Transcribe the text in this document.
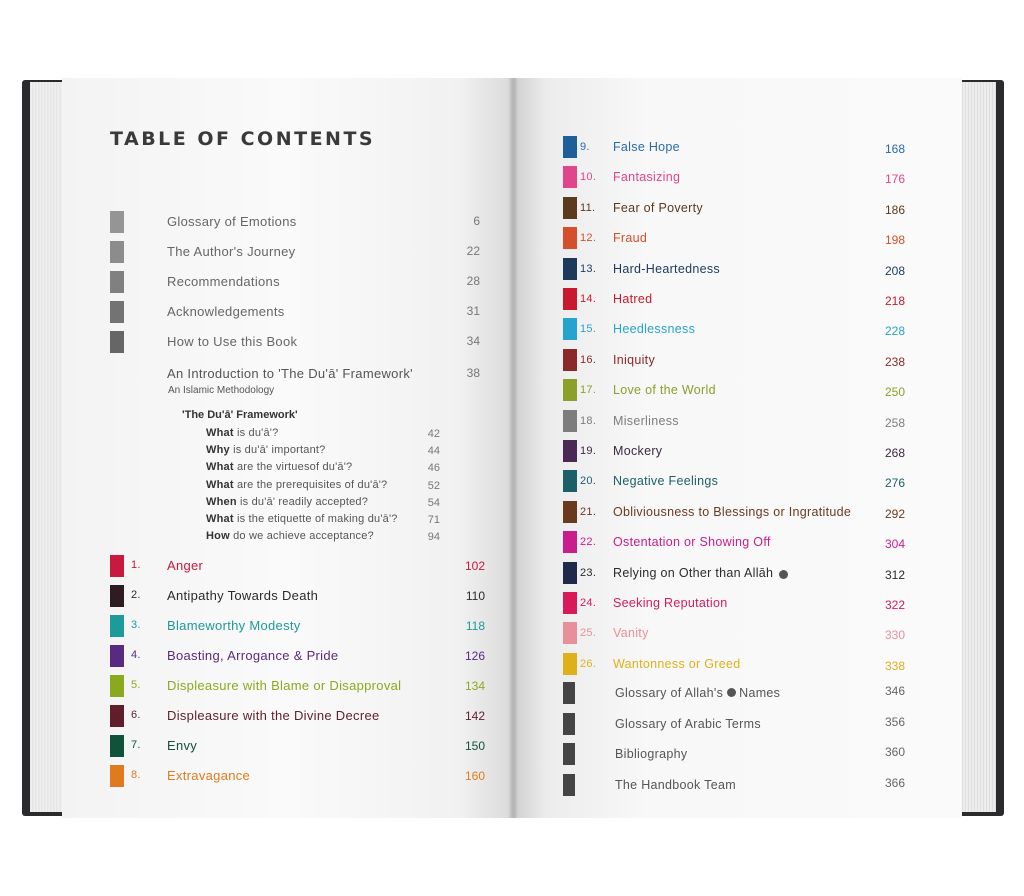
TABLE OF CONTENTS
Glossary of Emotions	6
The Author's Journey	22
Recommendations	28
Acknowledgements	31
How to Use this Book	34
An Introduction to 'The Du'ā' Framework'	38
An Islamic Methodology
'The Du'ā' Framework'
What is du'ā'?	42
Why is du'ā' important?	44
What are the virtuesof du'ā'?	46
What are the prerequisites of du'ā'?	52
When is du'ā' readily accepted?	54
What is the etiquette of making du'ā'?	71
How do we achieve acceptance?	94
1. Anger	102
2. Antipathy Towards Death	110
3. Blameworthy Modesty	118
4. Boasting, Arrogance & Pride	126
5. Displeasure with Blame or Disapproval	134
6. Displeasure with the Divine Decree	142
7. Envy	150
8. Extravagance	160
9. False Hope	168
10. Fantasizing	176
11. Fear of Poverty	186
12. Fraud	198
13. Hard-Heartedness	208
14. Hatred	218
15. Heedlessness	228
16. Iniquity	238
17. Love of the World	250
18. Miserliness	258
19. Mockery	268
20. Negative Feelings	276
21. Obliviousness to Blessings or Ingratitude	292
22. Ostentation or Showing Off	304
23. Relying on Other than Allāh	312
24. Seeking Reputation	322
25. Vanity	330
26. Wantonness or Greed	338
Glossary of Allah's Names	346
Glossary of Arabic Terms	356
Bibliography	360
The Handbook Team	366
